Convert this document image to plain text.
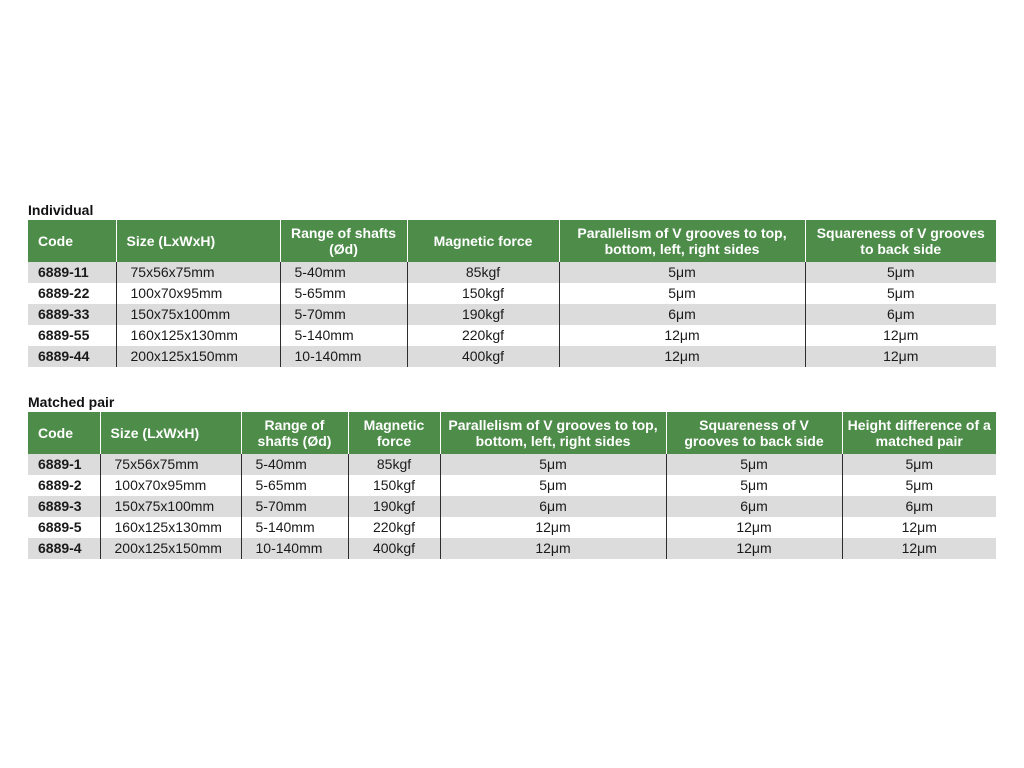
Individual
Code	Size (LxWxH)	Range of shafts (Ød)	Magnetic force	Parallelism of V grooves to top, bottom, left, right sides	Squareness of V grooves to back side
6889-11	75x56x75mm	5-40mm	85kgf	5μm	5μm
6889-22	100x70x95mm	5-65mm	150kgf	5μm	5μm
6889-33	150x75x100mm	5-70mm	190kgf	6μm	6μm
6889-55	160x125x130mm	5-140mm	220kgf	12μm	12μm
6889-44	200x125x150mm	10-140mm	400kgf	12μm	12μm
Matched pair
Code	Size (LxWxH)	Range of shafts (Ød)	Magnetic force	Parallelism of V grooves to top, bottom, left, right sides	Squareness of V grooves to back side	Height difference of a matched pair
6889-1	75x56x75mm	5-40mm	85kgf	5μm	5μm	5μm
6889-2	100x70x95mm	5-65mm	150kgf	5μm	5μm	5μm
6889-3	150x75x100mm	5-70mm	190kgf	6μm	6μm	6μm
6889-5	160x125x130mm	5-140mm	220kgf	12μm	12μm	12μm
6889-4	200x125x150mm	10-140mm	400kgf	12μm	12μm	12μm
